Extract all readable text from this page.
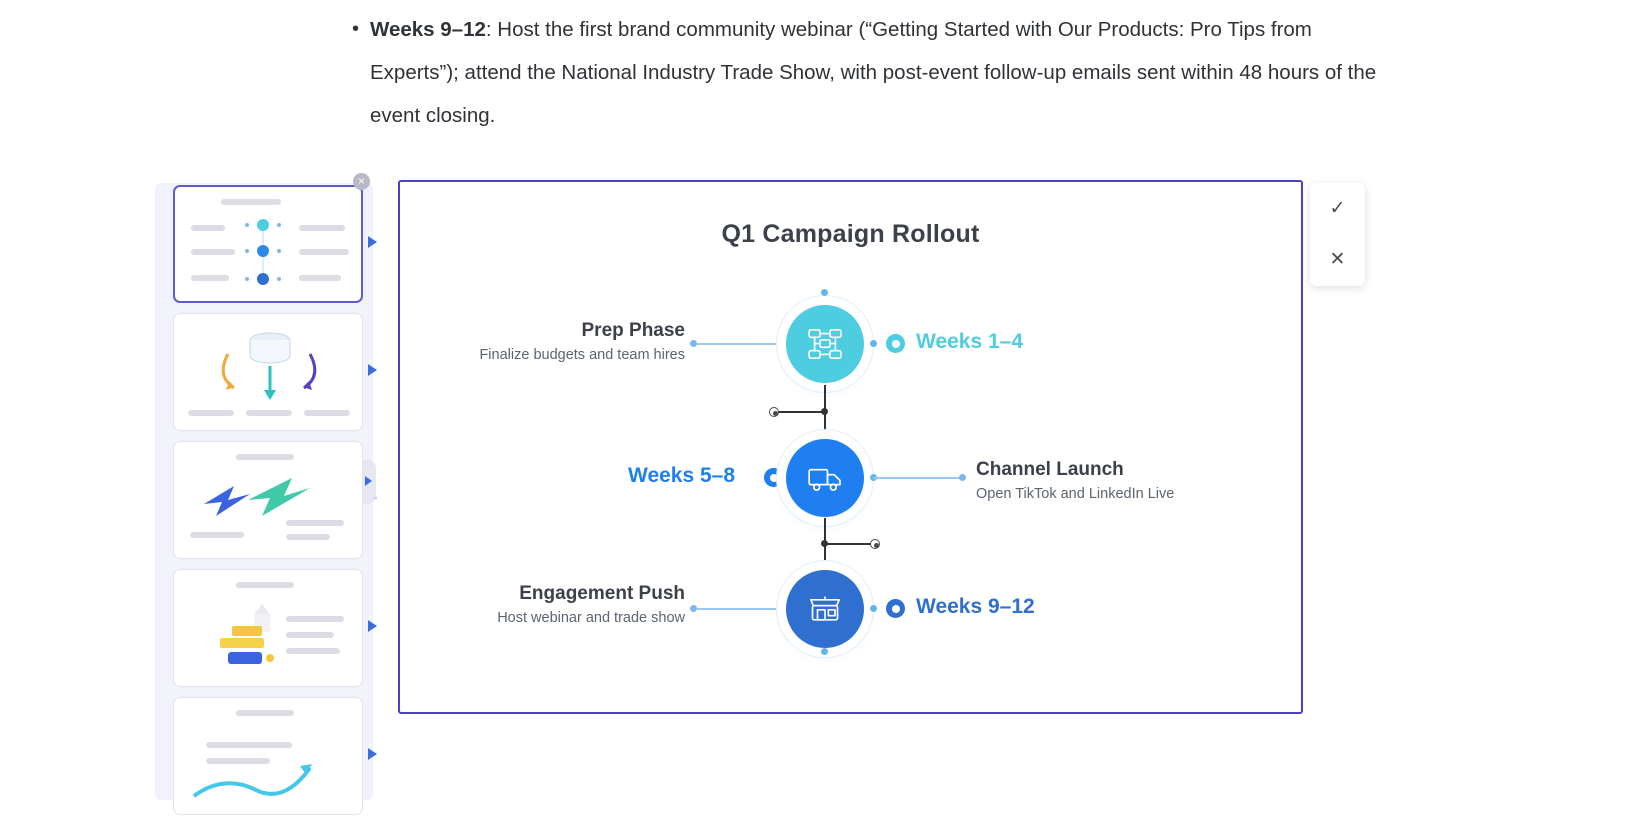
• Weeks 9–12: Host the first brand community webinar (“Getting Started with Our Products: Pro Tips from Experts”); attend the National Industry Trade Show, with post-event follow-up emails sent within 48 hours of the event closing.
×
Q1 Campaign Rollout
Prep Phase
Finalize budgets and team hires
Weeks 1–4
Weeks 5–8	Channel Launch
Open TikTok and LinkedIn Live
Engagement Push
Host webinar and trade show	Weeks 9–12
✓
✕
